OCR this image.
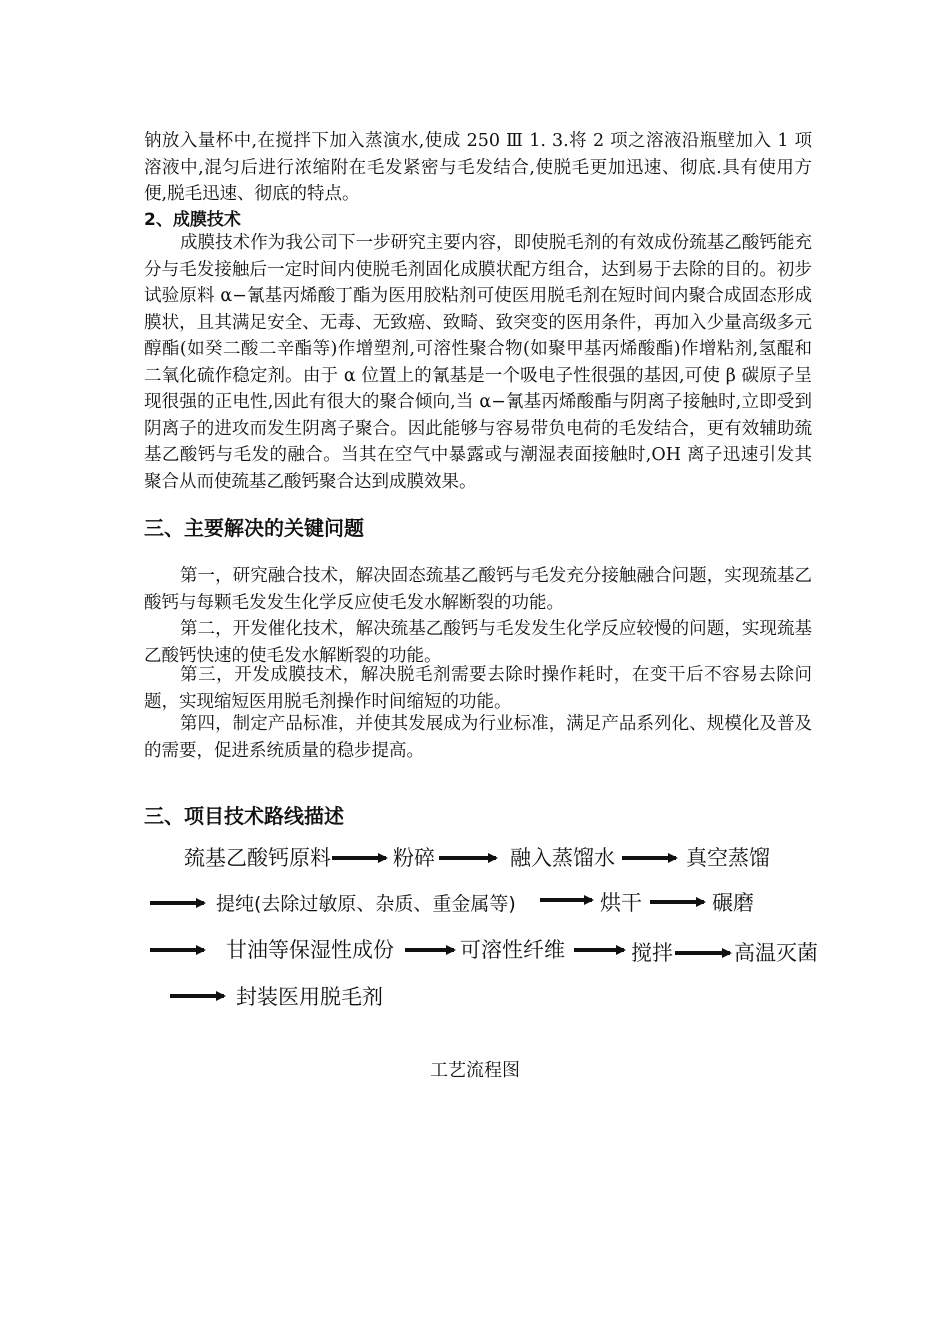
钠放入量杯中,在搅拌下加入蒸演水,使成 250 Ⅲ 1. 3.将 2 项之溶液沿瓶壁加入 1 项溶液中,混匀后进行浓缩附在毛发紧密与毛发结合,使脱毛更加迅速、彻底.具有使用方便,脱毛迅速、彻底的特点。

2、成膜技术

成膜技术作为我公司下一步研究主要内容，即使脱毛剂的有效成份巯基乙酸钙能充分与毛发接触后一定时间内使脱毛剂固化成膜状配方组合，达到易于去除的目的。初步试验原料 α−氰基丙烯酸丁酯为医用胶粘剂可使医用脱毛剂在短时间内聚合成固态形成膜状，且其满足安全、无毒、无致癌、致畸、致突变的医用条件，再加入少量高级多元醇酯(如癸二酸二辛酯等)作增塑剂,可溶性聚合物(如聚甲基丙烯酸酯)作增粘剂,氢醌和二氧化硫作稳定剂。由于 α 位置上的氰基是一个吸电子性很强的基因,可使 β 碳原子呈现很强的正电性,因此有很大的聚合倾向,当 α−氰基丙烯酸酯与阴离子接触时,立即受到阴离子的进攻而发生阴离子聚合。因此能够与容易带负电荷的毛发结合，更有效辅助巯基乙酸钙与毛发的融合。当其在空气中暴露或与潮湿表面接触时,OH 离子迅速引发其聚合从而使巯基乙酸钙聚合达到成膜效果。

三、主要解决的关键问题

第一，研究融合技术，解决固态巯基乙酸钙与毛发充分接触融合问题，实现巯基乙酸钙与每颗毛发发生化学反应使毛发水解断裂的功能。

第二，开发催化技术，解决巯基乙酸钙与毛发发生化学反应较慢的问题，实现巯基乙酸钙快速的使毛发水解断裂的功能。

第三，开发成膜技术，解决脱毛剂需要去除时操作耗时，在变干后不容易去除问题，实现缩短医用脱毛剂操作时间缩短的功能。

第四，制定产品标准，并使其发展成为行业标准，满足产品系列化、规模化及普及的需要，促进系统质量的稳步提高。

三、项目技术路线描述

巯基乙酸钙原料	粉碎	融入蒸馏水	真空蒸馏
提纯(去除过敏原、杂质、重金属等)	烘干	碾磨
甘油等保湿性成份	可溶性纤维	搅拌	高温灭菌
封装医用脱毛剂

工艺流程图
